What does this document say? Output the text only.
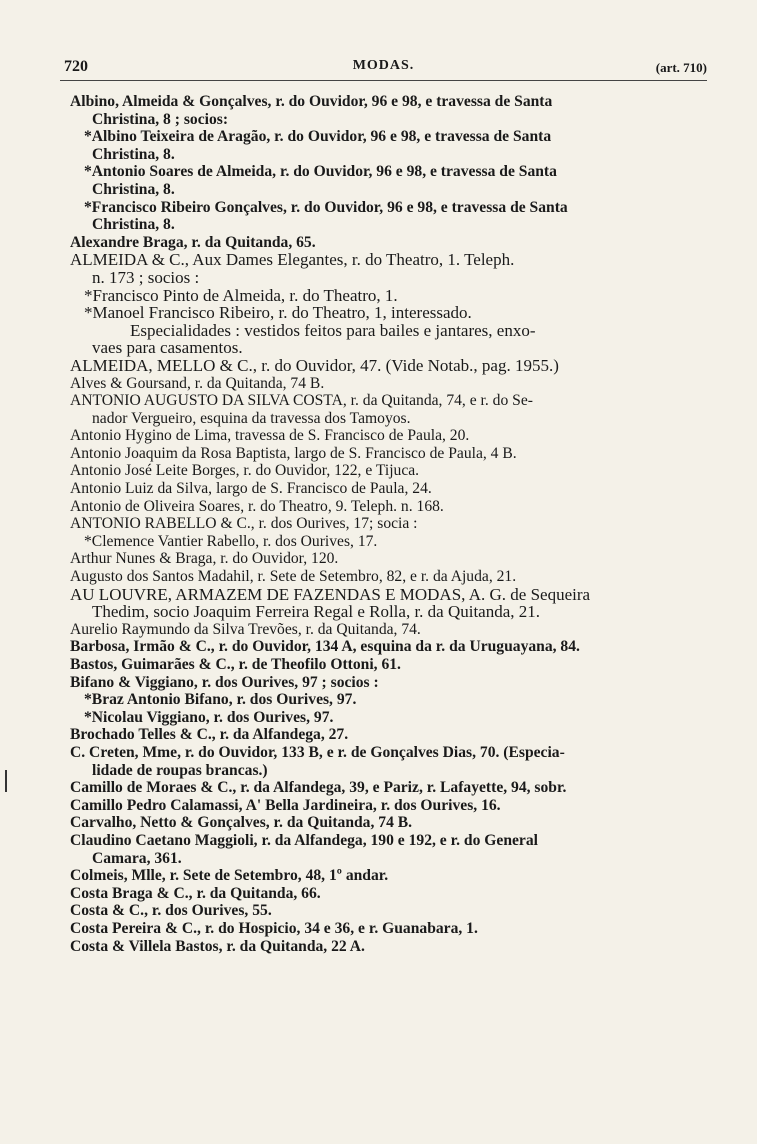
720	MODAS.	(art. 710)
Albino, Almeida & Gonçalves, r. do Ouvidor, 96 e 98, e travessa de Santa
Christina, 8 ; socios:
*Albino Teixeira de Aragão, r. do Ouvidor, 96 e 98, e travessa de Santa
Christina, 8.
*Antonio Soares de Almeida, r. do Ouvidor, 96 e 98, e travessa de Santa
Christina, 8.
*Francisco Ribeiro Gonçalves, r. do Ouvidor, 96 e 98, e travessa de Santa
Christina, 8.
Alexandre Braga, r. da Quitanda, 65.
ALMEIDA & C., Aux Dames Elegantes, r. do Theatro, 1. Teleph.
n. 173 ; socios :
*Francisco Pinto de Almeida, r. do Theatro, 1.
*Manoel Francisco Ribeiro, r. do Theatro, 1, interessado.
Especialidades : vestidos feitos para bailes e jantares, enxo-
vaes para casamentos.
ALMEIDA, MELLO & C., r. do Ouvidor, 47. (Vide Notab., pag. 1955.)
Alves & Goursand, r. da Quitanda, 74 B.
ANTONIO AUGUSTO DA SILVA COSTA, r. da Quitanda, 74, e r. do Se-
nador Vergueiro, esquina da travessa dos Tamoyos.
Antonio Hygino de Lima, travessa de S. Francisco de Paula, 20.
Antonio Joaquim da Rosa Baptista, largo de S. Francisco de Paula, 4 B.
Antonio José Leite Borges, r. do Ouvidor, 122, e Tijuca.
Antonio Luiz da Silva, largo de S. Francisco de Paula, 24.
Antonio de Oliveira Soares, r. do Theatro, 9. Teleph. n. 168.
ANTONIO RABELLO & C., r. dos Ourives, 17; socia :
*Clemence Vantier Rabello, r. dos Ourives, 17.
Arthur Nunes & Braga, r. do Ouvidor, 120.
Augusto dos Santos Madahil, r. Sete de Setembro, 82, e r. da Ajuda, 21.
AU LOUVRE, ARMAZEM DE FAZENDAS E MODAS, A. G. de Sequeira
Thedim, socio Joaquim Ferreira Regal e Rolla, r. da Quitanda, 21.
Aurelio Raymundo da Silva Trevões, r. da Quitanda, 74.
Barbosa, Irmão & C., r. do Ouvidor, 134 A, esquina da r. da Uruguayana, 84.
Bastos, Guimarães & C., r. de Theofilo Ottoni, 61.
Bifano & Viggiano, r. dos Ourives, 97 ; socios :
*Braz Antonio Bifano, r. dos Ourives, 97.
*Nicolau Viggiano, r. dos Ourives, 97.
Brochado Telles & C., r. da Alfandega, 27.
C. Creten, Mme, r. do Ouvidor, 133 B, e r. de Gonçalves Dias, 70. (Especia-
lidade de roupas brancas.)
Camillo de Moraes & C., r. da Alfandega, 39, e Pariz, r. Lafayette, 94, sobr.
Camillo Pedro Calamassi, A' Bella Jardineira, r. dos Ourives, 16.
Carvalho, Netto & Gonçalves, r. da Quitanda, 74 B.
Claudino Caetano Maggioli, r. da Alfandega, 190 e 192, e r. do General
Camara, 361.
Colmeis, Mlle, r. Sete de Setembro, 48, 1º andar.
Costa Braga & C., r. da Quitanda, 66.
Costa & C., r. dos Ourives, 55.
Costa Pereira & C., r. do Hospicio, 34 e 36, e r. Guanabara, 1.
Costa & Villela Bastos, r. da Quitanda, 22 A.
